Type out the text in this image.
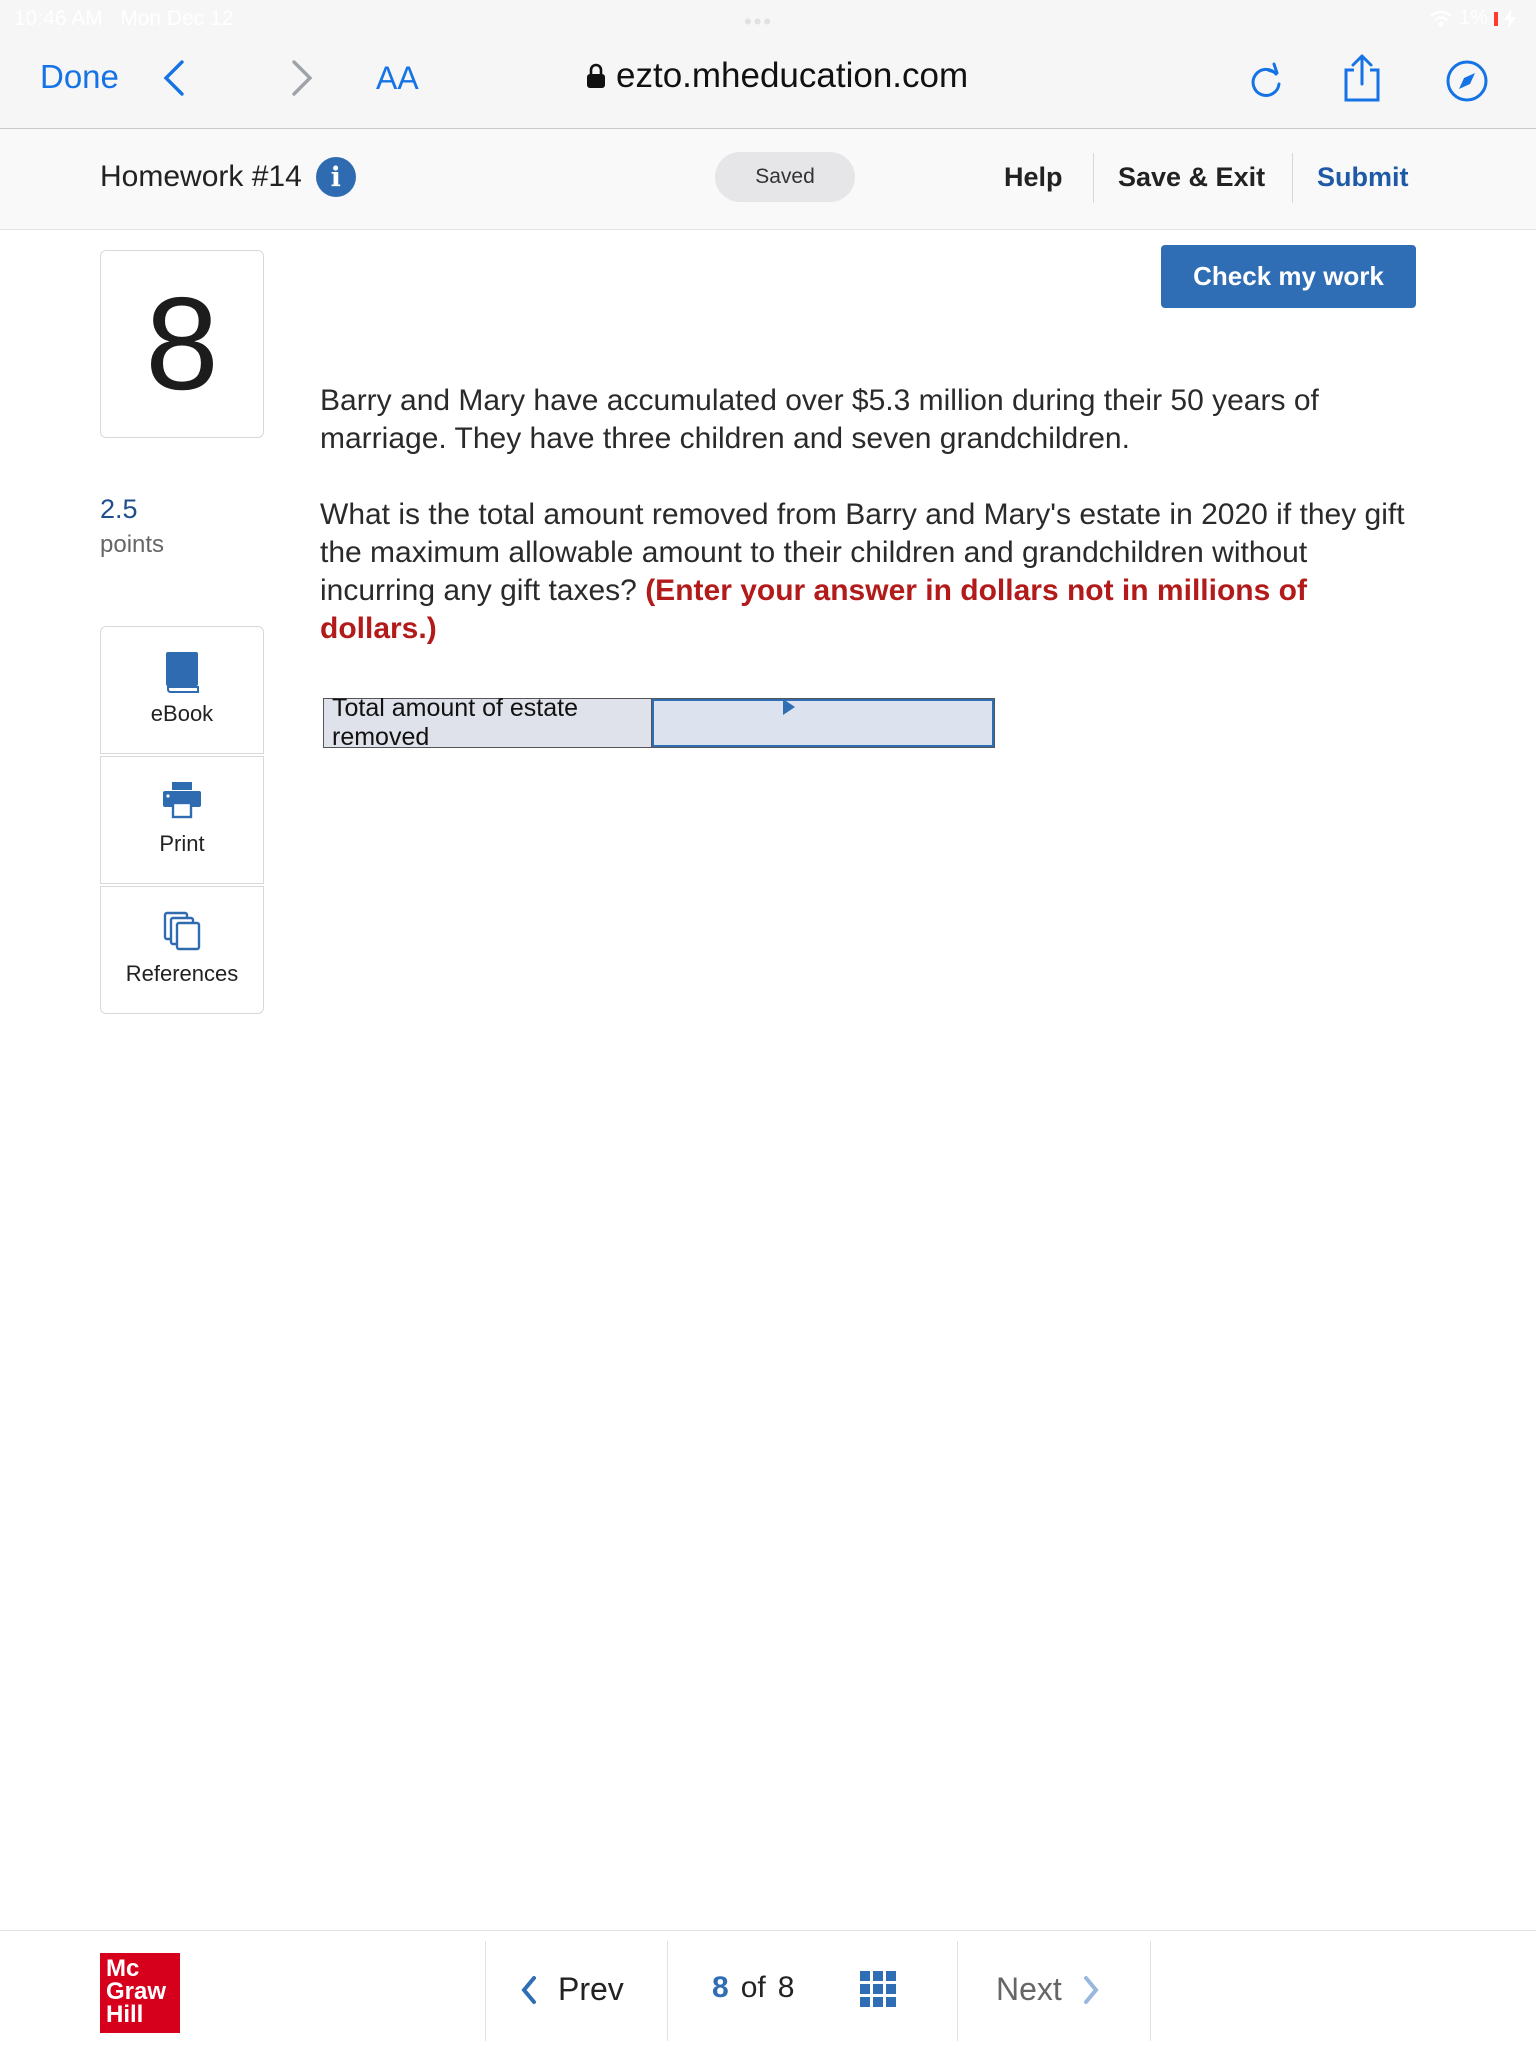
10:46 AM Mon Dec 12	•••	1%
Done	AA	ezto.mheducation.com
Homework #14	i	Saved	Help Save & Exit Submit
8
2.5
points
eBook
Print
References
Check my work

Barry and Mary have accumulated over $5.3 million during their 50 years of marriage. They have three children and seven grandchildren.

What is the total amount removed from Barry and Mary's estate in 2020 if they gift the maximum allowable amount to their children and grandchildren without incurring any gift taxes? (Enter your answer in dollars not in millions of dollars.)

Total amount of estate removed
Mc
Graw
Hill
Prev	8 of 8	Next
